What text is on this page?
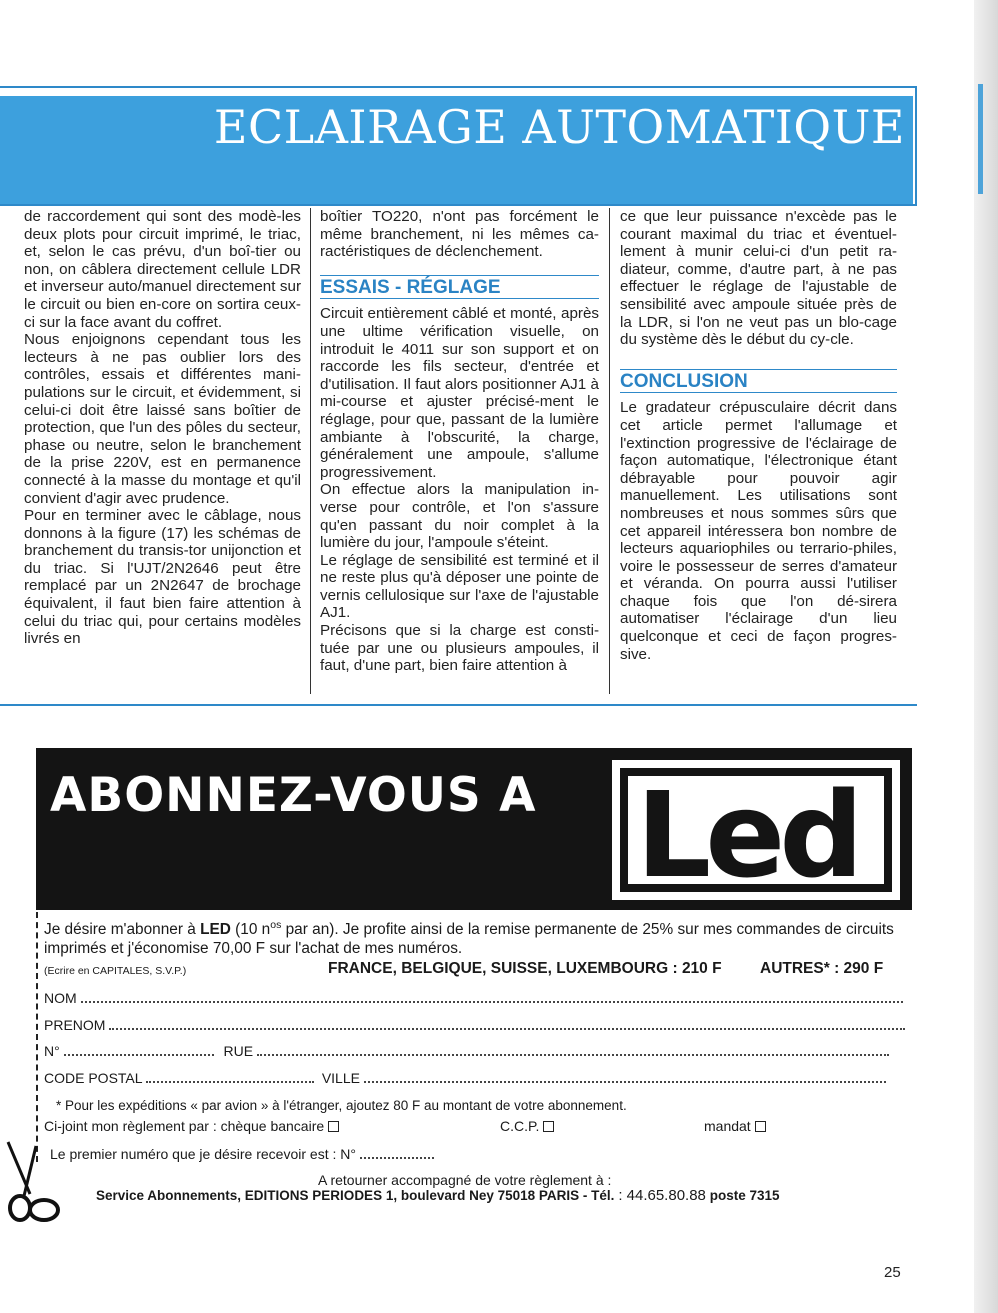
ECLAIRAGE AUTOMATIQUE

de raccordement qui sont des modè-les deux plots pour circuit imprimé, le triac, et, selon le cas prévu, d'un boî-tier ou non, on câblera directement cellule LDR et inverseur auto/manuel directement sur le circuit ou bien en-core on sortira ceux-ci sur la face avant du coffret.

Nous enjoignons cependant tous les lecteurs à ne pas oublier lors des contrôles, essais et différentes mani-pulations sur le circuit, et évidemment, si celui-ci doit être laissé sans boîtier de protection, que l'un des pôles du secteur, phase ou neutre, selon le branchement de la prise 220V, est en permanence connecté à la masse du montage et qu'il convient d'agir avec prudence.

Pour en terminer avec le câblage, nous donnons à la figure (17) les schémas de branchement du transis-tor unijonction et du triac. Si l'UJT/2N2646 peut être remplacé par un 2N2647 de brochage équivalent, il faut bien faire attention à celui du triac qui, pour certains modèles livrés en

boîtier TO220, n'ont pas forcément le même branchement, ni les mêmes ca-ractéristiques de déclenchement.

ESSAIS - RÉGLAGE

Circuit entièrement câblé et monté, après une ultime vérification visuelle, on introduit le 4011 sur son support et on raccorde les fils secteur, d'entrée et d'utilisation. Il faut alors positionner AJ1 à mi-course et ajuster précisé-ment le réglage, pour que, passant de la lumière ambiante à l'obscurité, la charge, généralement une ampoule, s'allume progressivement.

On effectue alors la manipulation in-verse pour contrôle, et l'on s'assure qu'en passant du noir complet à la lumière du jour, l'ampoule s'éteint.

Le réglage de sensibilité est terminé et il ne reste plus qu'à déposer une pointe de vernis cellulosique sur l'axe de l'ajustable AJ1.

Précisons que si la charge est consti-tuée par une ou plusieurs ampoules, il faut, d'une part, bien faire attention à

ce que leur puissance n'excède pas le courant maximal du triac et éventuel-lement à munir celui-ci d'un petit ra-diateur, comme, d'autre part, à ne pas effectuer le réglage de l'ajustable de sensibilité avec ampoule située près de la LDR, si l'on ne veut pas un blo-cage du système dès le début du cy-cle.

CONCLUSION

Le gradateur crépusculaire décrit dans cet article permet l'allumage et l'extinction progressive de l'éclairage de façon automatique, l'électronique étant débrayable pour pouvoir agir manuellement. Les utilisations sont nombreuses et nous sommes sûrs que cet appareil intéressera bon nombre de lecteurs aquariophiles ou terrario-philes, voire le possesseur de serres d'amateur et véranda. On pourra aussi l'utiliser chaque fois que l'on dé-sirera automatiser l'éclairage d'un lieu quelconque et ceci de façon progres-sive.

ABONNEZ-VOUS A Led
Je désire m'abonner à LED (10 $n^{os}$ par an). Je profite ainsi de la remise permanente de 25% sur mes commandes de circuits imprimés et j'économise 70,00 F sur l'achat de mes numéros.
(Ecrire en CAPITALES, S.V.P.)	FRANCE, BELGIQUE, SUISSE, LUXEMBOURG : 210 F AUTRES* : 290 F
NOM
PRENOM
N°	RUE
CODE POSTAL	VILLE
* Pour les expéditions « par avion » à l'étranger, ajoutez 80 F au montant de votre abonnement.
Ci-joint mon règlement par : chèque bancaire	C.C.P.	mandat
Le premier numéro que je désire recevoir est : N°
A retourner accompagné de votre règlement à :
Service Abonnements, EDITIONS PERIODES 1, boulevard Ney 75018 PARIS - Tél. : 44.65.80.88 poste 7315
25
